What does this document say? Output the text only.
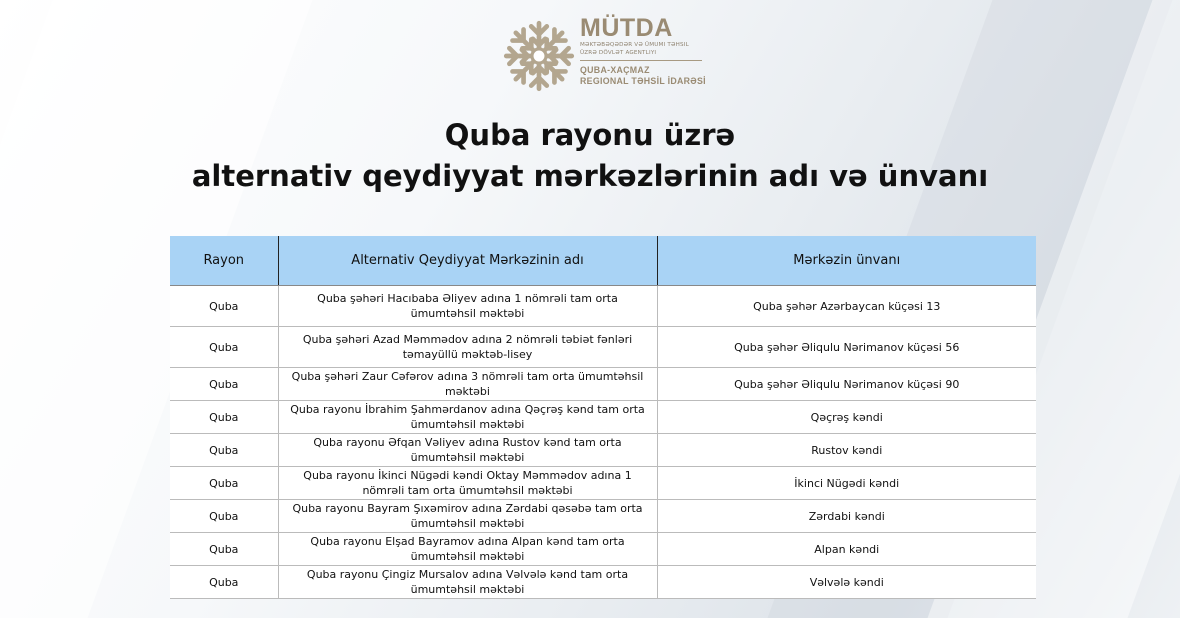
MÜTDA
MƏKTƏBƏQƏDƏR VƏ ÜMUMI TƏHSIL
ÜZRƏ DÖVLƏT AGENTLIYI
QUBA-XAÇMAZ
REGIONAL TƏHSİL İDARƏSİ
Quba rayonu üzrə
alternativ qeydiyyat mərkəzlərinin adı və ünvanı
Rayon	Alternativ Qeydiyyat Mərkəzinin adı	Mərkəzin ünvanı
Quba	Quba şəhəri Hacıbaba Əliyev adına 1 nömrəli tam orta ümumtəhsil məktəbi	Quba şəhər Azərbaycan küçəsi 13
Quba	Quba şəhəri Azad Məmmədov adına 2 nömrəli təbiət fənləri təmayüllü məktəb-lisey	Quba şəhər Əliqulu Nərimanov küçəsi 56
Quba	Quba şəhəri Zaur Cəfərov adına 3 nömrəli tam orta ümumtəhsil məktəbi	Quba şəhər Əliqulu Nərimanov küçəsi 90
Quba	Quba rayonu İbrahim Şahmərdanov adına Qəçrəş kənd tam orta ümumtəhsil məktəbi	Qəçrəş kəndi
Quba	Quba rayonu Əfqan Vəliyev adına Rustov kənd tam orta ümumtəhsil məktəbi	Rustov kəndi
Quba	Quba rayonu İkinci Nügədi kəndi Oktay Məmmədov adına 1 nömrəli tam orta ümumtəhsil məktəbi	İkinci Nügədi kəndi
Quba	Quba rayonu Bayram Şıxəmirov adına Zərdabi qəsəbə tam orta ümumtəhsil məktəbi	Zərdabi kəndi
Quba	Quba rayonu Elşad Bayramov adına Alpan kənd tam orta ümumtəhsil məktəbi	Alpan kəndi
Quba	Quba rayonu Çingiz Mursalov adına Vəlvələ kənd tam orta ümumtəhsil məktəbi	Vəlvələ kəndi
